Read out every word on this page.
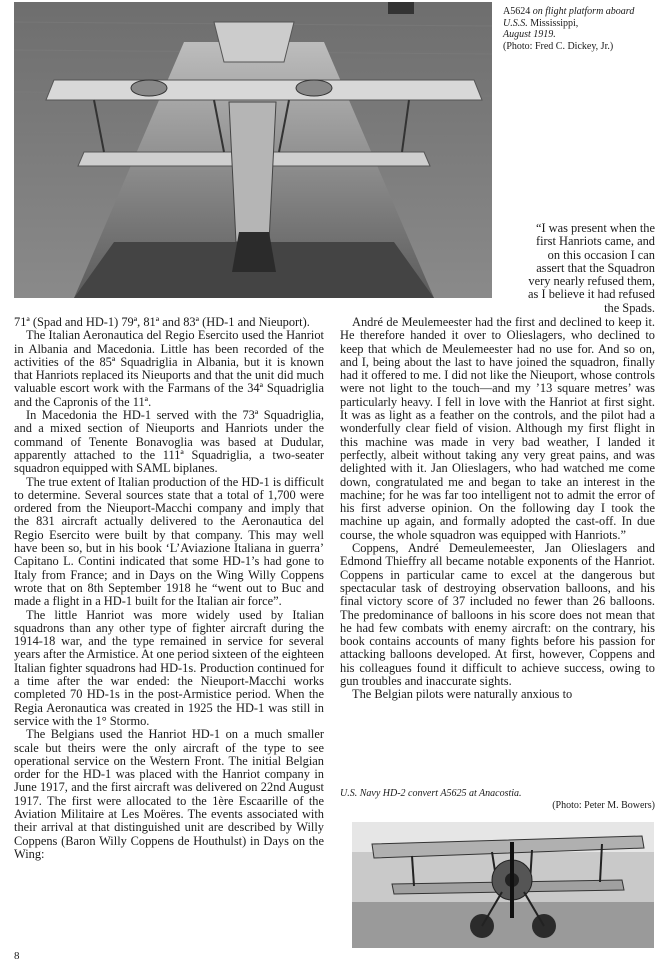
A5624 on flight platform aboard U.S.S. Mississippi,
August 1919.
(Photo: Fred C. Dickey, Jr.)
“I was present when the
first Hanriots came, and
on this occasion I can
assert that the Squadron
very nearly refused them,
as I believe it had refused
the Spads.

71ª (Spad and HD-1) 79ª, 81ª and 83ª (HD-1 and Nieuport).

The Italian Aeronautica del Regio Esercito used the Hanriot in Albania and Macedonia. Little has been recorded of the activities of the 85ª Squadriglia in Albania, but it is known that Hanriots replaced its Nieuports and that the unit did much valuable escort work with the Farmans of the 34ª Squadriglia and the Capronis of the 11ª.

In Macedonia the HD-1 served with the 73ª Squadriglia, and a mixed section of Nieuports and Hanriots under the command of Tenente Bonavoglia was based at Dudular, apparently attached to the 111ª Squadriglia, a two-seater squadron equipped with SAML biplanes.

The true extent of Italian production of the HD-1 is difficult to determine. Several sources state that a total of 1,700 were ordered from the Nieuport-Macchi company and imply that the 831 aircraft actually delivered to the Aeronautica del Regio Esercito were built by that company. This may well have been so, but in his book ‘L’Aviazione Italiana in guerra’ Capitano L. Contini indicated that some HD-1’s had gone to Italy from France; and in Days on the Wing Willy Coppens wrote that on 8th September 1918 he “went out to Buc and made a flight in a HD-1 built for the Italian air force”.

The little Hanriot was more widely used by Italian squadrons than any other type of fighter aircraft during the 1914-18 war, and the type remained in service for several years after the Armistice. At one period sixteen of the eighteen Italian fighter squadrons had HD-1s. Production continued for a time after the war ended: the Nieuport-Macchi works completed 70 HD-1s in the post-Armistice period. When the Regia Aeronautica was created in 1925 the HD-1 was still in service with the 1° Stormo.

The Belgians used the Hanriot HD-1 on a much smaller scale but theirs were the only aircraft of the type to see operational service on the Western Front. The initial Belgian order for the HD-1 was placed with the Hanriot company in June 1917, and the first aircraft was delivered on 22nd August 1917. The first were allocated to the 1ère Escaarille of the Aviation Militaire at Les Moëres. The events associated with their arrival at that distinguished unit are described by Willy Coppens (Baron Willy Coppens de Houthulst) in Days on the Wing:

André de Meulemeester had the first and declined to keep it. He therefore handed it over to Olieslagers, who declined to keep that which de Meulemeester had no use for. And so on, and I, being about the last to have joined the squadron, finally had it offered to me. I did not like the Nieuport, whose controls were not light to the touch—and my ’13 square metres’ was particularly heavy. I fell in love with the Hanriot at first sight. It was as light as a feather on the controls, and the pilot had a wonderfully clear field of vision. Although my first flight in this machine was made in very bad weather, I landed it perfectly, albeit without taking any very great pains, and was delighted with it. Jan Olieslagers, who had watched me come down, congratulated me and began to take an interest in the machine; for he was far too intelligent not to admit the error of his first adverse opinion. On the following day I took the machine up again, and formally adopted the cast-off. In due course, the whole squadron was equipped with Hanriots.”

Coppens, André Demeulemeester, Jan Olieslagers and Edmond Thieffry all became notable exponents of the Hanriot. Coppens in particular came to excel at the dangerous but spectacular task of destroying observation balloons, and his final victory score of 37 included no fewer than 26 balloons. The predominance of balloons in his score does not mean that he had few combats with enemy aircraft: on the contrary, his book contains accounts of many fights before his passion for attacking balloons developed. At first, however, Coppens and his colleagues found it difficult to achieve success, owing to gun troubles and inaccurate sights.

The Belgian pilots were naturally anxious to

U.S. Navy HD-2 convert A5625 at Anacostia.
(Photo: Peter M. Bowers)
8
